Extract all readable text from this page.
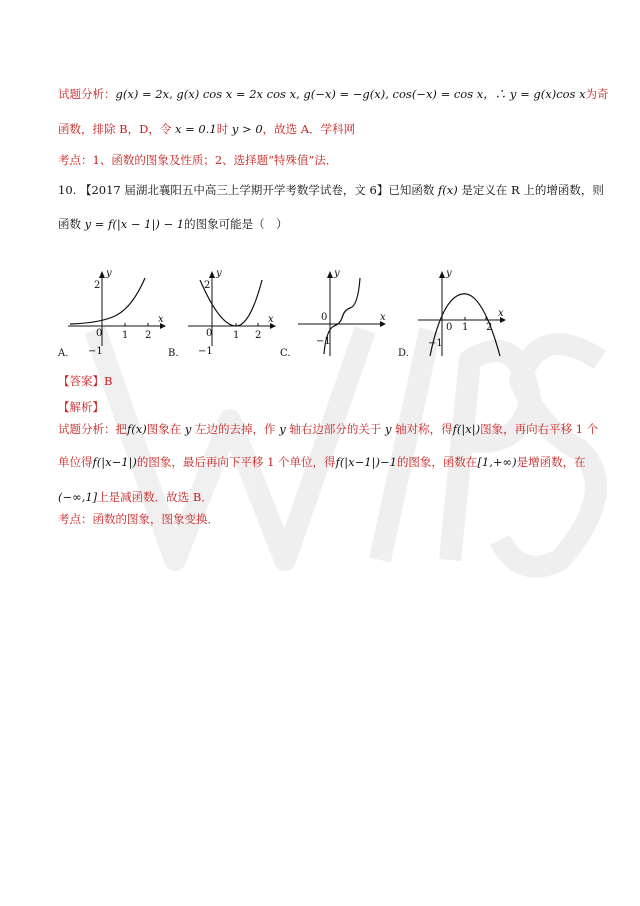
试题分析：g(x) = 2x, g(x) cos x = 2x cos x, g(−x) = −g(x), cos(−x) = cos x，∴ y = g(x)cos x为奇
函数，排除 B，D，令 x = 0.1时 y > 0，故选 A．学科网
考点：1、函数的图象及性质；2、选择题“特殊值”法．
10. 【2017 届湖北襄阳五中高三上学期开学考数学试卷，文 6】已知函数 f(x) 是定义在 R 上的增函数，则
函数 y = f(|x − 1|) − 1的图象可能是（　）
2
y
x
0 1 2
−1
A.
2
y
x
0 1 2
−1
B.
y
x
0
−1
C.
y
x
0 1 2
−1
D.
【答案】B
【解析】
试题分析：把f(x)图象在 y 左边的去掉，作 y 轴右边部分的关于 y 轴对称，得f(|x|)图象，再向右平移 1 个
单位得f(|x−1|)的图象，最后再向下平移 1 个单位，得f(|x−1|)−1的图象，函数在[1,+∞)是增函数，在
(−∞,1]上是减函数．故选 B．
考点：函数的图象，图象变换．
